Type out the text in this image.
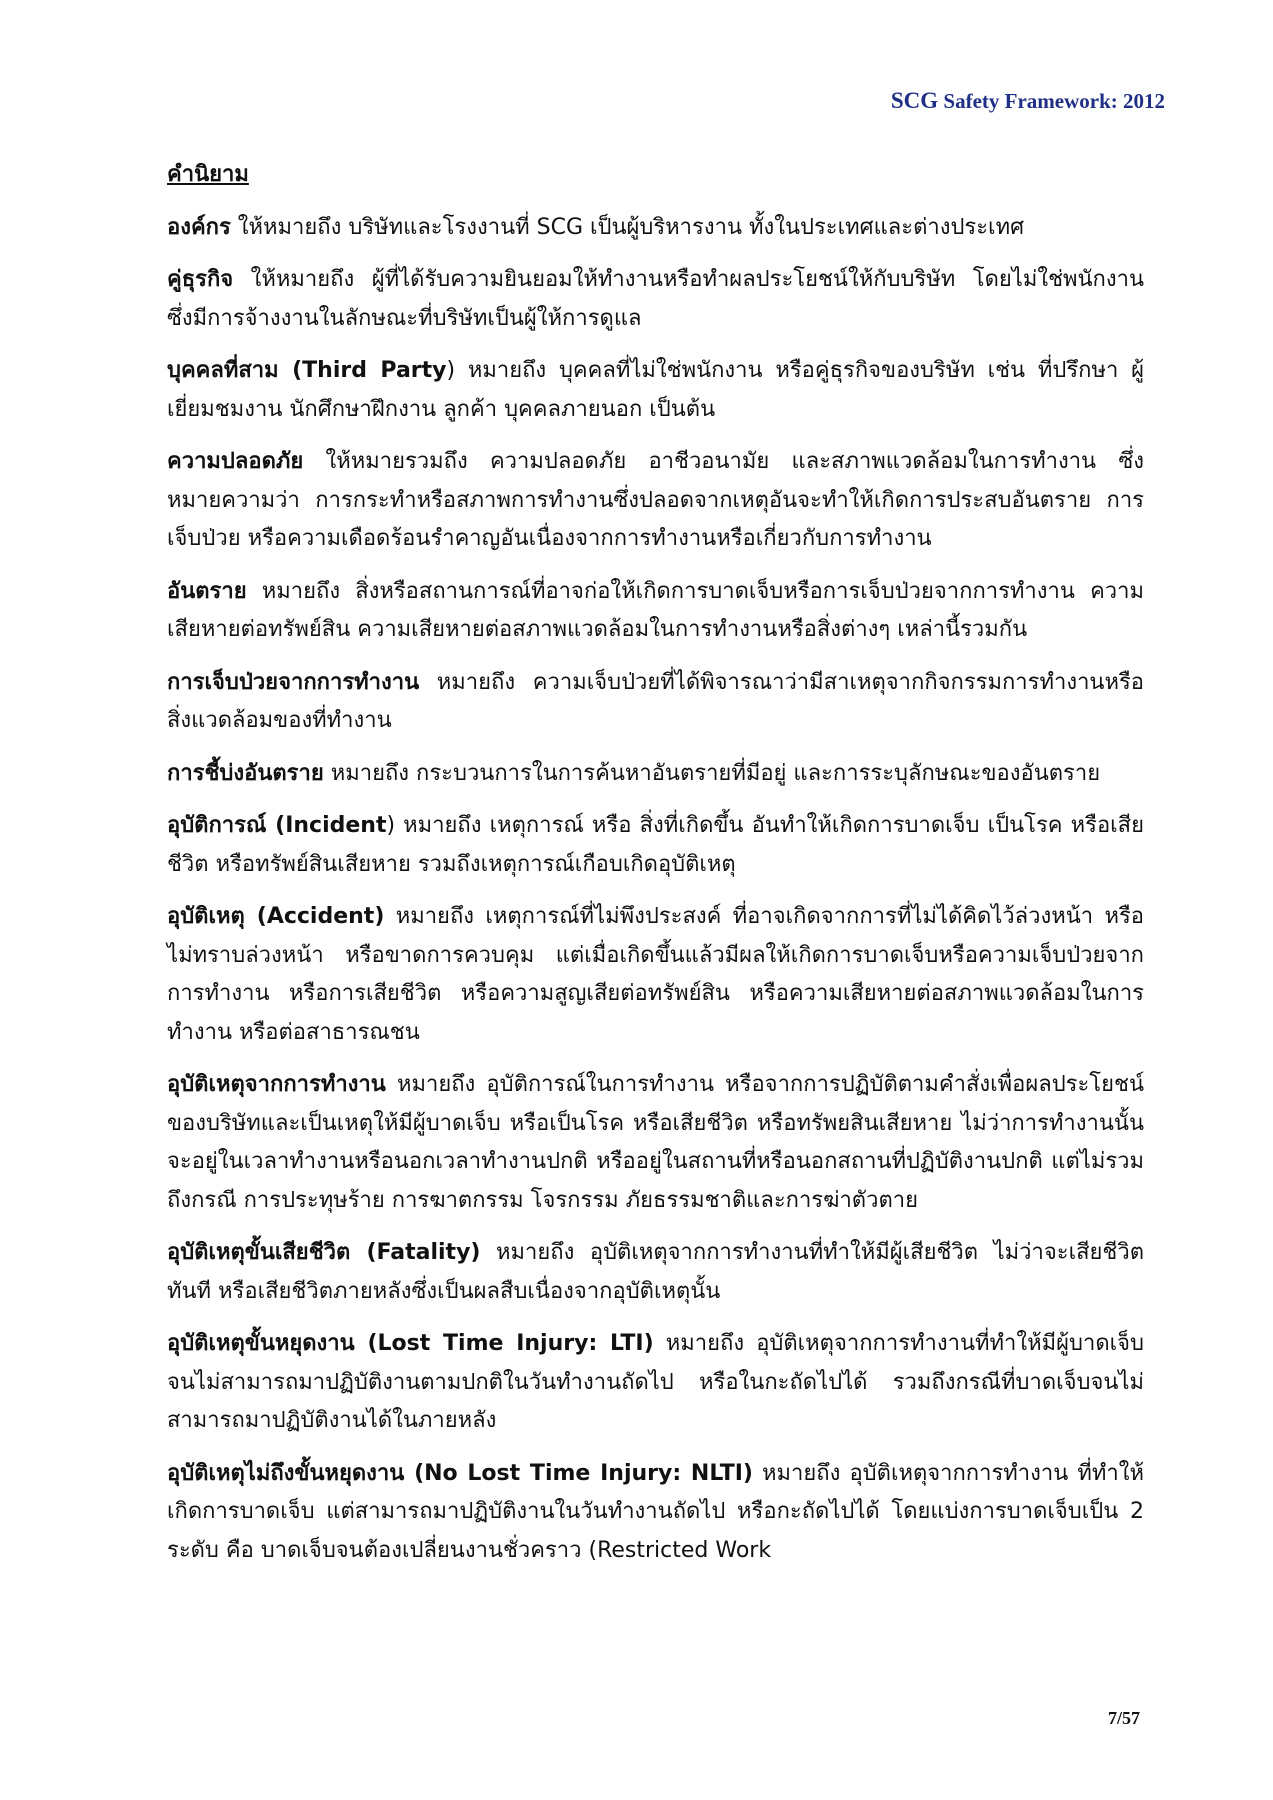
SCG Safety Framework: 2012
คำนิยาม

องค์กร ให้หมายถึง บริษัทและโรงงานที่ SCG เป็นผู้บริหารงาน ทั้งในประเทศและต่างประเทศ

คู่ธุรกิจ ให้หมายถึง ผู้ที่ได้รับความยินยอมให้ทำงานหรือทำผลประโยชน์ให้กับบริษัท โดยไม่ใช่พนักงาน ซึ่งมีการจ้างงานในลักษณะที่บริษัทเป็นผู้ให้การดูแล

บุคคลที่สาม (Third Party) หมายถึง บุคคลที่ไม่ใช่พนักงาน หรือคู่ธุรกิจของบริษัท เช่น ที่ปรึกษา ผู้เยี่ยมชมงาน นักศึกษาฝึกงาน ลูกค้า บุคคลภายนอก เป็นต้น

ความปลอดภัย ให้หมายรวมถึง ความปลอดภัย อาชีวอนามัย และสภาพแวดล้อมในการทำงาน ซึ่งหมายความว่า การกระทำหรือสภาพการทำงานซึ่งปลอดจากเหตุอันจะทำให้เกิดการประสบอันตราย การเจ็บป่วย หรือความเดือดร้อนรำคาญอันเนื่องจากการทำงานหรือเกี่ยวกับการทำงาน

อันตราย หมายถึง สิ่งหรือสถานการณ์ที่อาจก่อให้เกิดการบาดเจ็บหรือการเจ็บป่วยจากการทำงาน ความเสียหายต่อทรัพย์สิน ความเสียหายต่อสภาพแวดล้อมในการทำงานหรือสิ่งต่างๆ เหล่านี้รวมกัน

การเจ็บป่วยจากการทำงาน หมายถึง ความเจ็บป่วยที่ได้พิจารณาว่ามีสาเหตุจากกิจกรรมการทำงานหรือสิ่งแวดล้อมของที่ทำงาน

การชี้บ่งอันตราย หมายถึง กระบวนการในการค้นหาอันตรายที่มีอยู่ และการระบุลักษณะของอันตราย

อุบัติการณ์ (Incident) หมายถึง เหตุการณ์ หรือ สิ่งที่เกิดขึ้น อันทำให้เกิดการบาดเจ็บ เป็นโรค หรือเสียชีวิต หรือทรัพย์สินเสียหาย รวมถึงเหตุการณ์เกือบเกิดอุบัติเหตุ

อุบัติเหตุ (Accident) หมายถึง เหตุการณ์ที่ไม่พึงประสงค์ ที่อาจเกิดจากการที่ไม่ได้คิดไว้ล่วงหน้า หรือไม่ทราบล่วงหน้า หรือขาดการควบคุม แต่เมื่อเกิดขึ้นแล้วมีผลให้เกิดการบาดเจ็บหรือความเจ็บป่วยจากการทำงาน หรือการเสียชีวิต หรือความสูญเสียต่อทรัพย์สิน หรือความเสียหายต่อสภาพแวดล้อมในการทำงาน หรือต่อสาธารณชน

อุบัติเหตุจากการทำงาน หมายถึง อุบัติการณ์ในการทำงาน หรือจากการปฏิบัติตามคำสั่งเพื่อผลประโยชน์ของบริษัทและเป็นเหตุให้มีผู้บาดเจ็บ หรือเป็นโรค หรือเสียชีวิต หรือทรัพยสินเสียหาย ไม่ว่าการทำงานนั้นจะอยู่ในเวลาทำงานหรือนอกเวลาทำงานปกติ หรืออยู่ในสถานที่หรือนอกสถานที่ปฏิบัติงานปกติ แต่ไม่รวมถึงกรณี การประทุษร้าย การฆาตกรรม โจรกรรม ภัยธรรมชาติและการฆ่าตัวตาย

อุบัติเหตุขั้นเสียชีวิต (Fatality) หมายถึง อุบัติเหตุจากการทำงานที่ทำให้มีผู้เสียชีวิต ไม่ว่าจะเสียชีวิตทันที หรือเสียชีวิตภายหลังซึ่งเป็นผลสืบเนื่องจากอุบัติเหตุนั้น

อุบัติเหตุขั้นหยุดงาน (Lost Time Injury: LTI) หมายถึง อุบัติเหตุจากการทำงานที่ทำให้มีผู้บาดเจ็บ จนไม่สามารถมาปฏิบัติงานตามปกติในวันทำงานถัดไป หรือในกะถัดไปได้ รวมถึงกรณีที่บาดเจ็บจนไม่สามารถมาปฏิบัติงานได้ในภายหลัง

อุบัติเหตุไม่ถึงขั้นหยุดงาน (No Lost Time Injury: NLTI) หมายถึง อุบัติเหตุจากการทำงาน ที่ทำให้เกิดการบาดเจ็บ แต่สามารถมาปฏิบัติงานในวันทำงานถัดไป หรือกะถัดไปได้ โดยแบ่งการบาดเจ็บเป็น 2 ระดับ คือ บาดเจ็บจนต้องเปลี่ยนงานชั่วคราว (Restricted Work

7/57
